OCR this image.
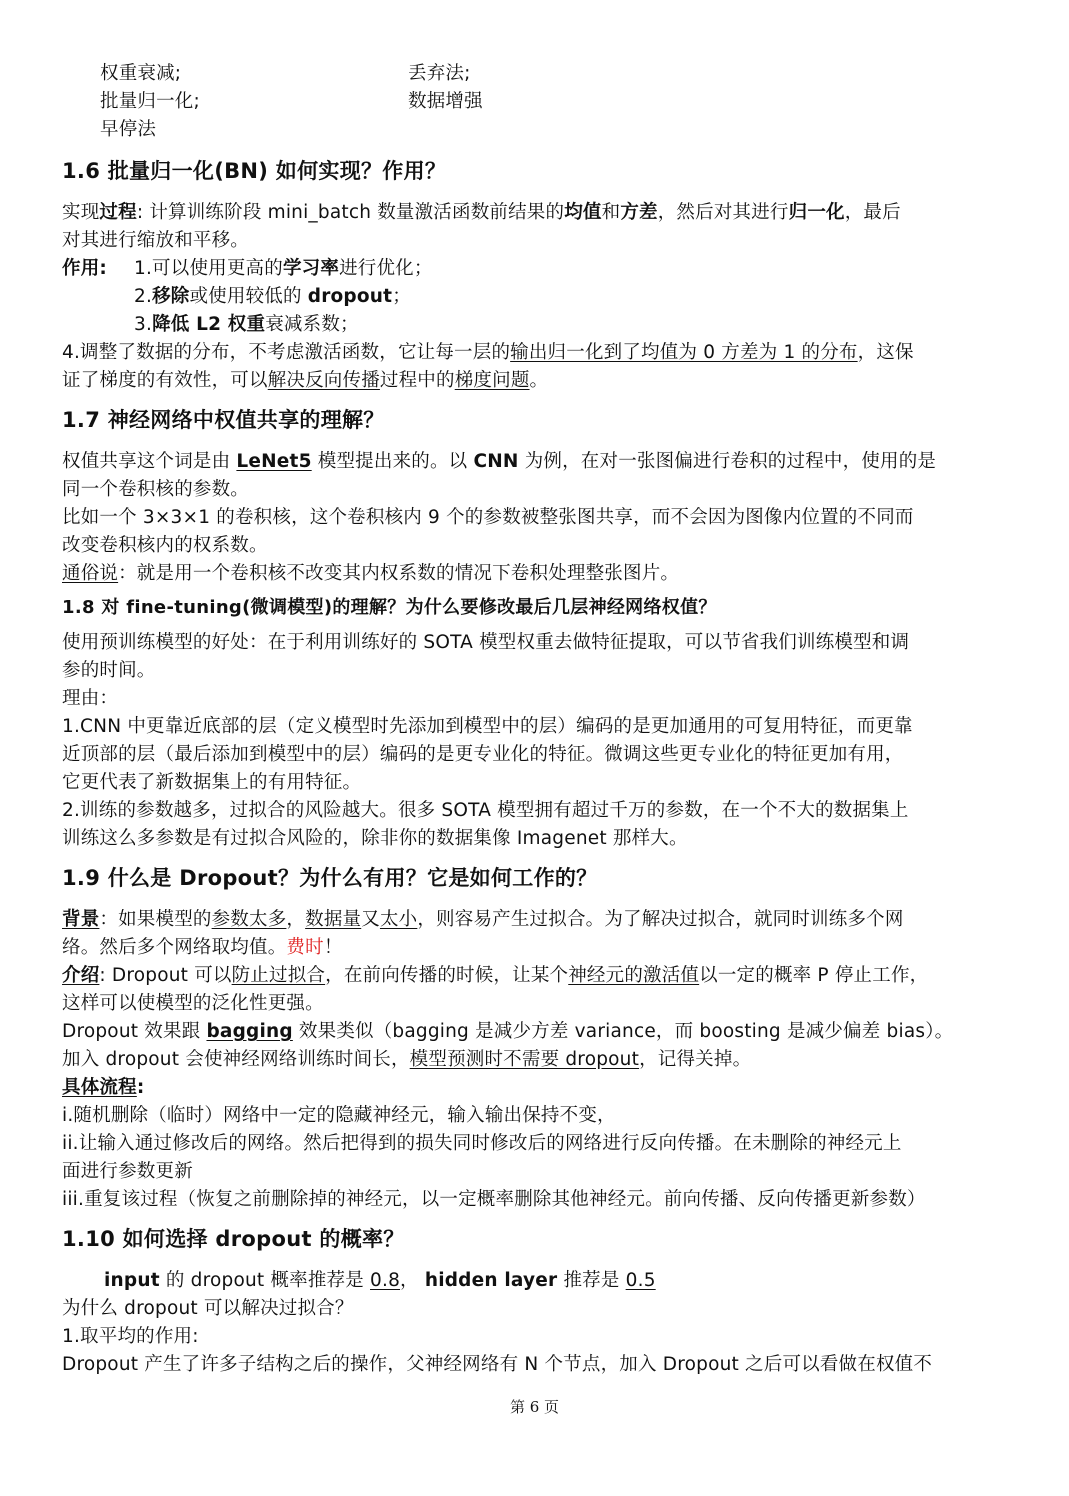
权重衰减;	丢弃法;
批量归一化;	数据增强
早停法
1.6 批量归一化(BN) 如何实现？作用？
实现过程: 计算训练阶段 mini_batch 数量激活函数前结果的均值和方差，然后对其进行归一化，最后
对其进行缩放和平移。
作用: 1.可以使用更高的学习率进行优化；
2.移除或使用较低的 dropout；
3.降低 L2 权重衰减系数；
4.调整了数据的分布，不考虑激活函数，它让每一层的输出归一化到了均值为 0 方差为 1 的分布，这保
证了梯度的有效性，可以解决反向传播过程中的梯度问题。
1.7 神经网络中权值共享的理解？
权值共享这个词是由 LeNet5 模型提出来的。以 CNN 为例，在对一张图偏进行卷积的过程中，使用的是
同一个卷积核的参数。
比如一个 3×3×1 的卷积核，这个卷积核内 9 个的参数被整张图共享，而不会因为图像内位置的不同而
改变卷积核内的权系数。
通俗说：就是用一个卷积核不改变其内权系数的情况下卷积处理整张图片。
1.8 对 fine-tuning(微调模型)的理解？为什么要修改最后几层神经网络权值？
使用预训练模型的好处：在于利用训练好的 SOTA 模型权重去做特征提取，可以节省我们训练模型和调
参的时间。
理由：
1.CNN 中更靠近底部的层（定义模型时先添加到模型中的层）编码的是更加通用的可复用特征，而更靠
近顶部的层（最后添加到模型中的层）编码的是更专业化的特征。微调这些更专业化的特征更加有用，
它更代表了新数据集上的有用特征。
2.训练的参数越多，过拟合的风险越大。很多 SOTA 模型拥有超过千万的参数，在一个不大的数据集上
训练这么多参数是有过拟合风险的，除非你的数据集像 Imagenet 那样大。
1.9 什么是 Dropout？为什么有用？它是如何工作的？
背景：如果模型的参数太多，数据量又太小，则容易产生过拟合。为了解决过拟合，就同时训练多个网
络。然后多个网络取均值。费时！
介绍: Dropout 可以防止过拟合，在前向传播的时候，让某个神经元的激活值以一定的概率 P 停止工作，
这样可以使模型的泛化性更强。
Dropout 效果跟 bagging 效果类似（bagging 是减少方差 variance，而 boosting 是减少偏差 bias）。
加入 dropout 会使神经网络训练时间长，模型预测时不需要 dropout，记得关掉。
具体流程:
i.随机删除（临时）网络中一定的隐藏神经元，输入输出保持不变，
ii.让输入通过修改后的网络。然后把得到的损失同时修改后的网络进行反向传播。在未删除的神经元上
面进行参数更新
iii.重复该过程（恢复之前删除掉的神经元，以一定概率删除其他神经元。前向传播、反向传播更新参数）
1.10 如何选择 dropout 的概率？
input 的 dropout 概率推荐是 0.8， hidden layer 推荐是 0.5
为什么 dropout 可以解决过拟合？
1.取平均的作用:
Dropout 产生了许多子结构之后的操作，父神经网络有 N 个节点，加入 Dropout 之后可以看做在权值不
第 6 页
